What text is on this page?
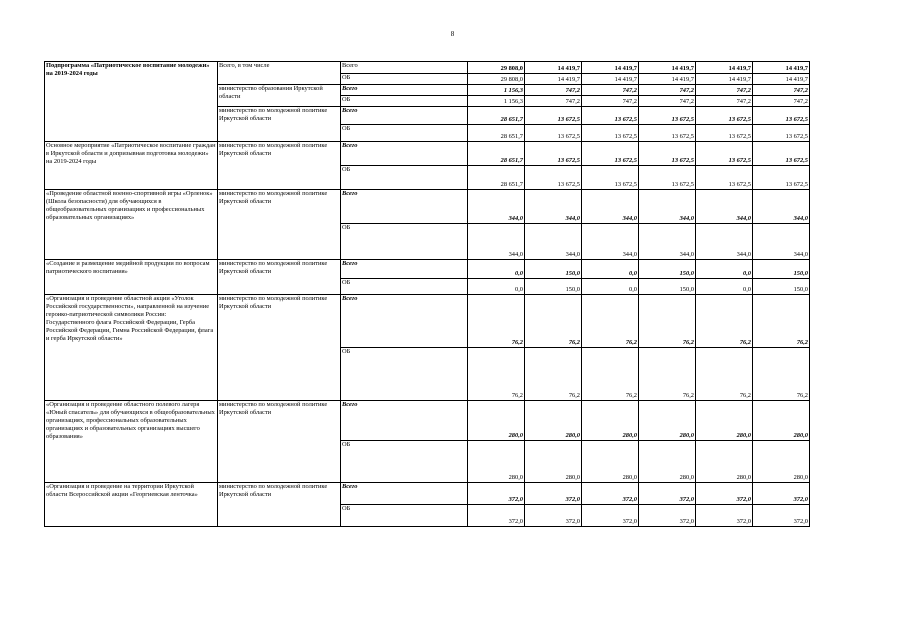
8
Подпрограмма «Патриотическое воспитание молодежи» на 2019-2024 годы	Всего, в том числе	Всего	29 808,0	14 419,7	14 419,7	14 419,7	14 419,7	14 419,7
		ОБ	29 808,0	14 419,7	14 419,7	14 419,7	14 419,7	14 419,7
	министерство образования Иркутской области	Всего	1 156,3	747,2	747,2	747,2	747,2	747,2
		ОБ	1 156,3	747,2	747,2	747,2	747,2	747,2
	министерство по молодежной политике Иркутской области	Всего	28 651,7	13 672,5	13 672,5	13 672,5	13 672,5	13 672,5
		ОБ	28 651,7	13 672,5	13 672,5	13 672,5	13 672,5	13 672,5
Основное мероприятие «Патриотическое воспитание граждан в Иркутской области и допризывная подготовка молодежи» на 2019-2024 годы	министерство по молодежной политике Иркутской области	Всего	28 651,7	13 672,5	13 672,5	13 672,5	13 672,5	13 672,5
		ОБ	28 651,7	13 672,5	13 672,5	13 672,5	13 672,5	13 672,5
«Проведение областной военно-спортивной игры «Орленок» (Школа безопасности) для обучающихся в общеобразовательных организациях и профессиональных образовательных организациях»	министерство по молодежной политике Иркутской области	Всего	344,0	344,0	344,0	344,0	344,0	344,0
		ОБ	344,0	344,0	344,0	344,0	344,0	344,0
«Создание и размещение медийной продукции по вопросам патриотического воспитания»	министерство по молодежной политике Иркутской области	Всего	0,0	150,0	0,0	150,0	0,0	150,0
		ОБ	0,0	150,0	0,0	150,0	0,0	150,0
«Организация и проведение областной акции «Уголок Российской государственности», направленной на изучение героико-патриотической символики России: Государственного флага Российской Федерации, Герба Российской Федерации, Гимна Российской Федерации, флага и герба Иркутской области»	министерство по молодежной политике Иркутской области	Всего	76,2	76,2	76,2	76,2	76,2	76,2
		ОБ	76,2	76,2	76,2	76,2	76,2	76,2
«Организация и проведение областного полевого лагеря «Юный спасатель» для обучающихся в общеобразовательных организациях, профессиональных образовательных организациях и образовательных организациях высшего образования»	министерство по молодежной политике Иркутской области	Всего	280,0	280,0	280,0	280,0	280,0	280,0
		ОБ	280,0	280,0	280,0	280,0	280,0	280,0
«Организация и проведение на территории Иркутской области Всероссийской акции «Георгиевская ленточка»	министерство по молодежной политике Иркутской области	Всего	372,0	372,0	372,0	372,0	372,0	372,0
		ОБ	372,0	372,0	372,0	372,0	372,0	372,0
